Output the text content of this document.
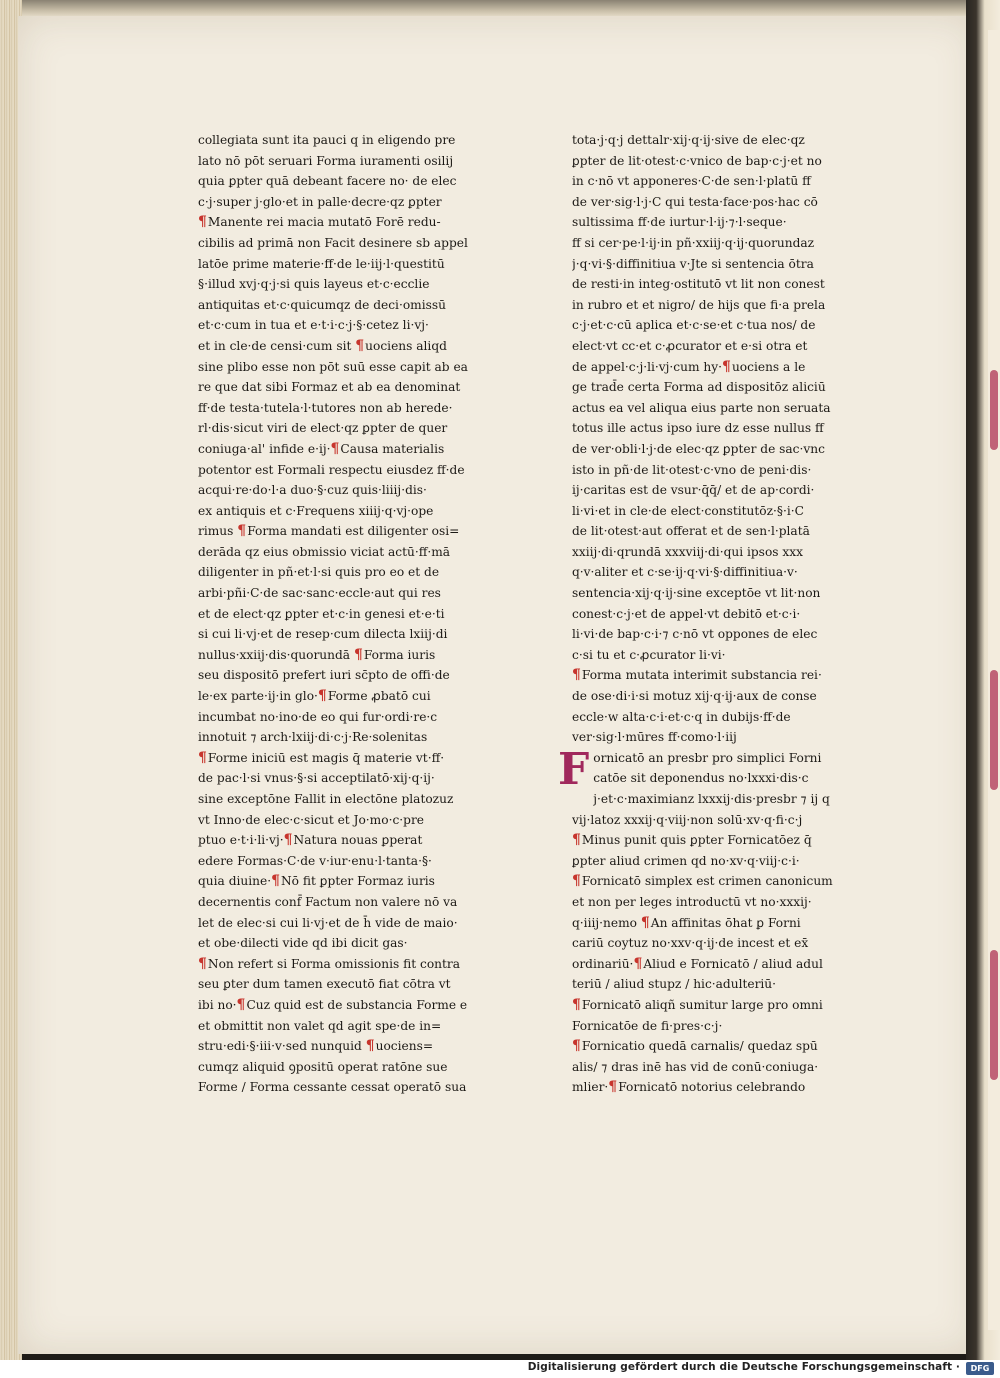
collegiata sunt ita pauci q in eligendo pre
lato nō pōt seruari Forma iuramenti osilij
quia ꝑpter quā debeant facere no· de elec
c·j·super j·glo·et in palle·decre·qz ꝑpter
¶Manente rei macia mutatō Forē redu-
cibilis ad primā non Facit desinere sb appel
latōe prime materie·ff·de le·iij·l·questitū
§·illud xvj·q·j·si quis layeus et·c·ecclie
antiquitas et·c·quicumqz de deci·omissū
et·c·cum in tua et e·t·i·c·j·§·cetez li·vj·
et in cle·de censi·cum sit ¶uociens aliqd
sine plibo esse non pōt suū esse capit ab ea
re que dat sibi Formaz et ab ea denominat
ff·de testa·tutela·l·tutores non ab herede·
rl·dis·sicut viri de elect·qz ꝑpter de quer
coniuga·al' infide e·ij·¶Causa materialis
potentor est Formali respectu eiusdez ff·de
acqui·re·do·l·a duo·§·cuz quis·liiij·dis·
ex antiquis et c·Frequens xiiij·q·vj·ope
rimus ¶Forma mandati est diligenter osi=
derāda qz eius obmissio viciat actū·ff·mā
diligenter in pñ·et·l·si quis pro eo et de
arbi·pñi·C·de sac·sanc·eccle·aut qui res
et de elect·qz ꝑpter et·c·in genesi et·e·ti
si cui li·vj·et de resep·cum dilecta lxiij·di
nullus·xxiij·dis·quorundā ¶Forma iuris
seu dispositō prefert iuri sc̄pto de offi·de
le·ex parte·ij·in glo·¶Forme ꝓbatō cui
incumbat no·ino·de eo qui fur·ordi·re·c
innotuit ⁊ arch·lxiij·di·c·j·Re·solenitas
¶Forme iniciū est magis q̄ materie vt·ff·
de pac·l·si vnus·§·si acceptilatō·xij·q·ij·
sine exceptōne Fallit in electōne platozuz
vt Inno·de elec·c·sicut et Jo·mo·c·pre
ptuo e·t·i·li·vj·¶Natura nouas ꝑperat
edere Formas·C·de v·iur·enu·l·tanta·§·
quia diuine·¶Nō fit ꝑpter Formaz iuris
decernentis conf̄ Factum non valere nō va
let de elec·si cui li·vj·et de h̄ vide de maio·
et obe·dilecti vide qd ibi dicit gas·
¶Non refert si Forma omissionis fit contra
seu ꝑter dum tamen executō fiat cōtra vt
ibi no·¶Cuz quid est de substancia Forme e
et obmittit non valet qd agit spe·de in=
stru·edi·§·iii·v·sed nunquid ¶uociens=
cumqz aliquid ꝯpositū operat ratōne sue
Forme / Forma cessante cessat operatō sua
tota·j·q·j dettalr·xij·q·ij·sive de elec·qz
ꝑpter de lit·otest·c·vnico de bap·c·j·et no
in c·nō vt apponeres·C·de sen·l·platū ff
de ver·sig·l·j·C qui testa·face·pos·hac cō
sultissima ff·de iurtur·l·ij·⁊·l·seque·
ff si cer·pe·l·ij·in pñ·xxiij·q·ij·quorundaz
j·q·vi·§·diffinitiua v·Jte si sentencia ōtra
de resti·in integ·ostitutō vt lit non conest
in rubro et et nigro/ de hijs que fi·a prela
c·j·et·c·cū aplica et·c·se·et c·tua nos/ de
elect·vt cc·et c·ꝓcurator et e·si otra et
de appel·c·j·li·vj·cum hy·¶uociens a le
ge trad̄e certa Forma ad dispositōz aliciū
actus ea vel aliqua eius parte non seruata
totus ille actus ipso iure dz esse nullus ff
de ver·obli·l·j·de elec·qz ꝑpter de sac·vnc
isto in pñ·de lit·otest·c·vno de peni·dis·
ij·caritas est de vsur·q̄q̄/ et de ap·cordi·
li·vi·et in cle·de elect·constitutōz·§·i·C
de lit·otest·aut offerat et de sen·l·platā
xxiij·di·qrundā xxxviij·di·qui ipsos xxx
q·v·aliter et c·se·ij·q·vi·§·diffinitiua·v·
sentencia·xij·q·ij·sine exceptōe vt lit·non
conest·c·j·et de appel·vt debitō et·c·i·
li·vi·de bap·c·i·⁊ c·nō vt oppones de elec
c·si tu et c·ꝓcurator li·vi·
¶Forma mutata interimit substancia rei·
de ose·di·i·si motuz xij·q·ij·aux de conse
eccle·w alta·c·i·et·c·q in dubijs·ff·de
ver·sig·l·mūres ff·como·l·iij
F ornicatō an presbr pro simplici Forni
catōe sit deponendus no·lxxxi·dis·c
j·et·c·maximianz lxxxij·dis·presbr ⁊ ij q
vij·latoz xxxij·q·viij·non solū·xv·q·fi·c·j
¶Minus punit quis ꝑpter Fornicatōez q̄
ꝑpter aliud crimen qd no·xv·q·viij·c·i·
¶Fornicatō simplex est crimen canonicum
et non per leges introductū vt no·xxxij·
q·iiij·nemo ¶An affinitas ōhat ꝑ Forni
cariū coytuz no·xxv·q·ij·de incest et ex̄
ordinariū·¶Aliud e Fornicatō / aliud adul
teriū / aliud stupz / hic·adulteriū·
¶Fornicatō aliqñ sumitur large pro omni
Fornicatōe de fi·pres·c·j·
¶Fornicatio quedā carnalis/ quedaz spū
alis/ ⁊ dras inē has vid de conū·coniuga·
mlier·¶Fornicatō notorius celebrando
Digitalisierung gefördert durch die Deutsche Forschungsgemeinschaft ·	DFG
